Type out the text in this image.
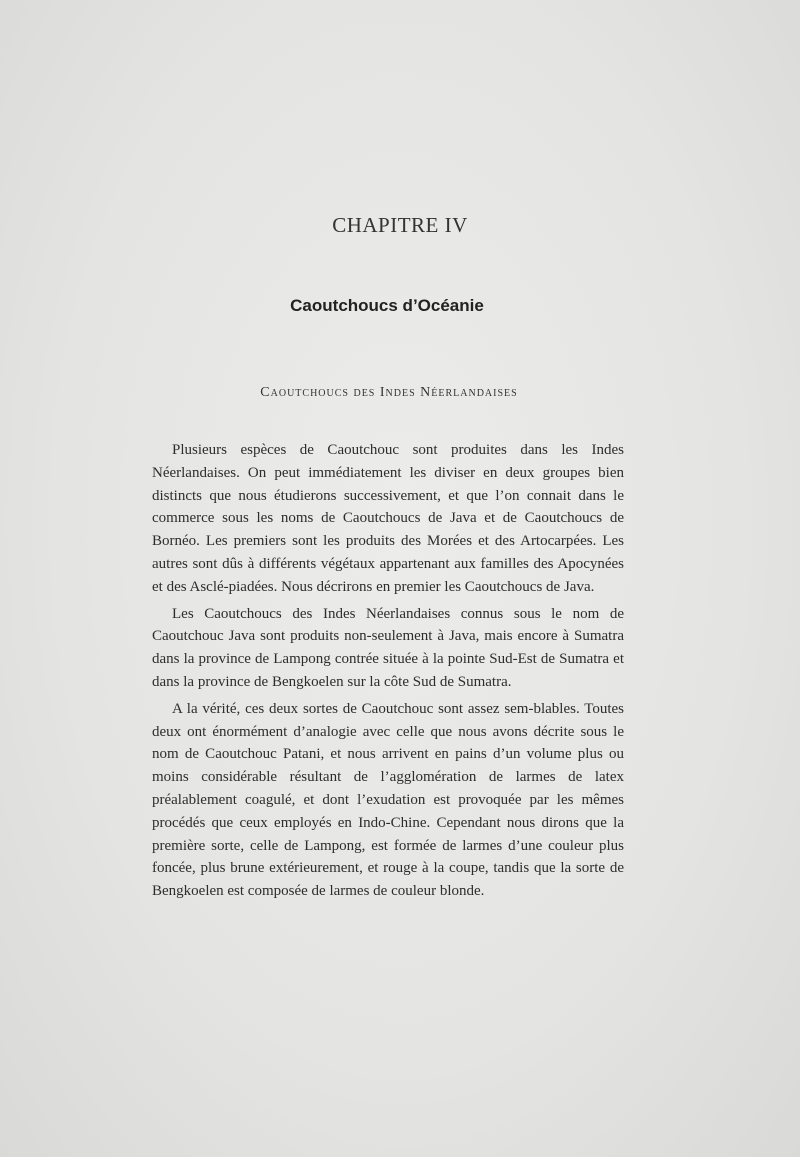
CHAPITRE IV
Caoutchoucs d’Océanie
Caoutchoucs des Indes Néerlandaises

Plusieurs espèces de Caoutchouc sont produites dans les Indes Néerlandaises. On peut immédiatement les diviser en deux groupes bien distincts que nous étudierons successivement, et que l’on connait dans le commerce sous les noms de Caoutchoucs de Java et de Caoutchoucs de Bornéo. Les premiers sont les produits des Morées et des Artocarpées. Les autres sont dûs à différents végétaux appartenant aux familles des Apocynées et des Asclé-piadées. Nous décrirons en premier les Caoutchoucs de Java.

Les Caoutchoucs des Indes Néerlandaises connus sous le nom de Caoutchouc Java sont produits non-seulement à Java, mais encore à Sumatra dans la province de Lampong contrée située à la pointe Sud-Est de Sumatra et dans la province de Bengkoelen sur la côte Sud de Sumatra.

A la vérité, ces deux sortes de Caoutchouc sont assez sem-blables. Toutes deux ont énormément d’analogie avec celle que nous avons décrite sous le nom de Caoutchouc Patani, et nous arrivent en pains d’un volume plus ou moins considérable résultant de l’agglomération de larmes de latex préalablement coagulé, et dont l’exudation est provoquée par les mêmes procédés que ceux employés en Indo-Chine. Cependant nous dirons que la première sorte, celle de Lampong, est formée de larmes d’une couleur plus foncée, plus brune extérieurement, et rouge à la coupe, tandis que la sorte de Bengkoelen est composée de larmes de couleur blonde.
